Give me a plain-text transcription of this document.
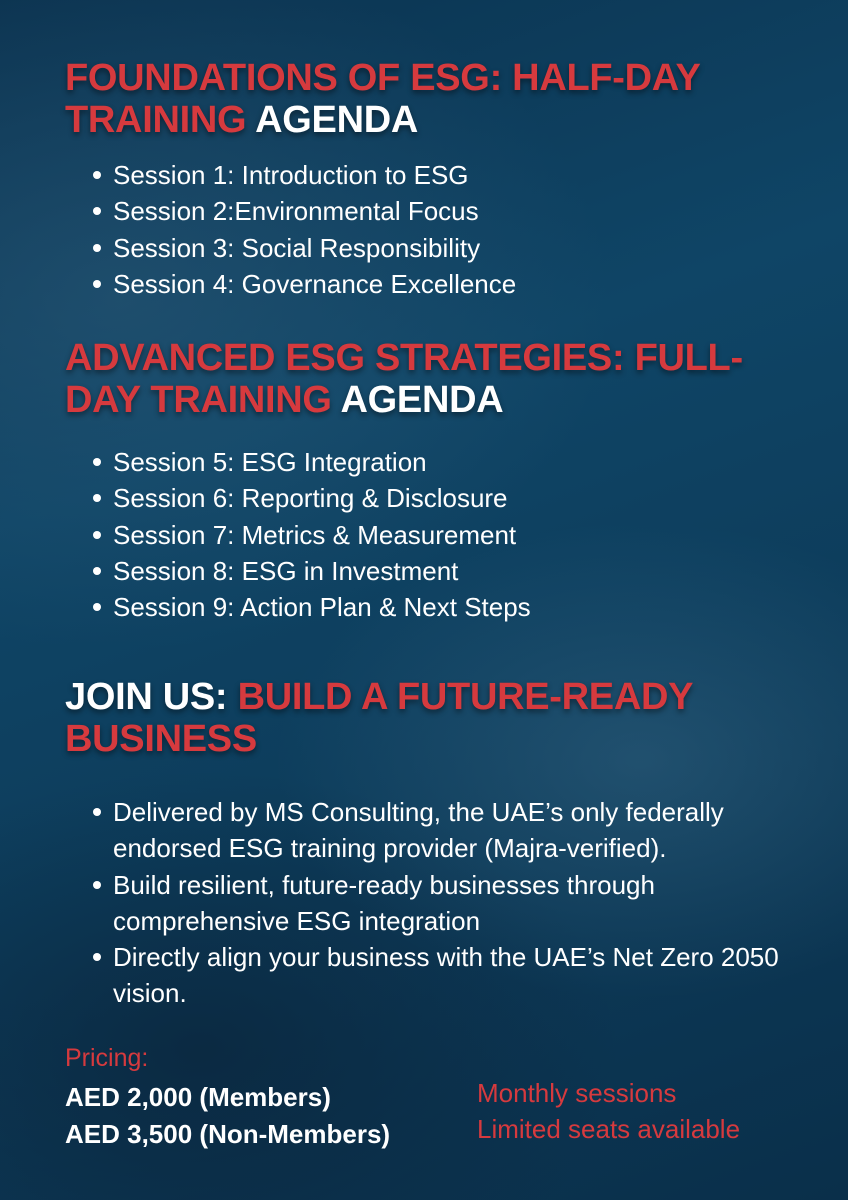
FOUNDATIONS OF ESG: HALF-DAY TRAINING AGENDA
Session 1: Introduction to ESG
Session 2:Environmental Focus
Session 3: Social Responsibility
Session 4: Governance Excellence
ADVANCED ESG STRATEGIES: FULL-DAY TRAINING AGENDA
Session 5: ESG Integration
Session 6: Reporting & Disclosure
Session 7: Metrics & Measurement
Session 8: ESG in Investment
Session 9: Action Plan & Next Steps
JOIN US: BUILD A FUTURE-READY BUSINESS
Delivered by MS Consulting, the UAE’s only federally endorsed ESG training provider (Majra-verified).
Build resilient, future-ready businesses through comprehensive ESG integration
Directly align your business with the UAE’s Net Zero 2050 vision.
Pricing:
AED 2,000 (Members)
AED 3,500 (Non-Members)
Monthly sessions
Limited seats available
